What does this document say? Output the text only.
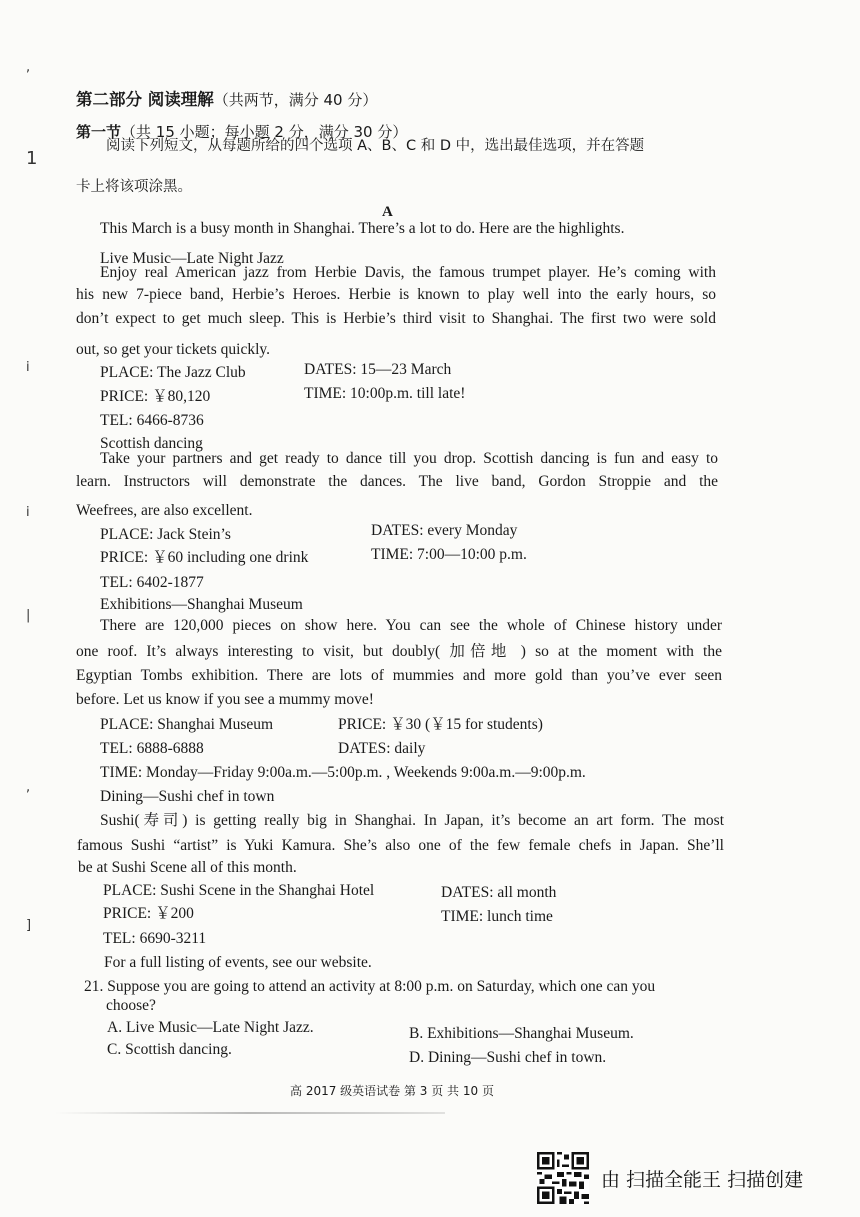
,
1
i
i
|
,
]
第二部分 阅读理解（共两节，满分 40 分）
第一节（共 15 小题；每小题 2 分，满分 30 分）
阅读下列短文，从每题所给的四个选项 A、B、C 和 D 中，选出最佳选项，并在答题
卡上将该项涂黑。
A
This March is a busy month in Shanghai. There’s a lot to do. Here are the highlights.
Live Music—Late Night Jazz
Enjoy real American jazz from Herbie Davis, the famous trumpet player. He’s coming with
his new 7-piece band, Herbie’s Heroes. Herbie is known to play well into the early hours, so
don’t expect to get much sleep. This is Herbie’s third visit to Shanghai. The first two were sold
out, so get your tickets quickly.
PLACE: The Jazz Club	DATES: 15—23 March
PRICE: ￥80,120	TIME: 10:00p.m. till late!
TEL: 6466-8736
Scottish dancing
Take your partners and get ready to dance till you drop. Scottish dancing is fun and easy to
learn. Instructors will demonstrate the dances. The live band, Gordon Stroppie and the
Weefrees, are also excellent.
PLACE: Jack Stein’s	DATES: every Monday
PRICE: ￥60 including one drink	TIME: 7:00—10:00 p.m.
TEL: 6402-1877
Exhibitions—Shanghai Museum
There are 120,000 pieces on show here. You can see the whole of Chinese history under
one roof. It’s always interesting to visit, but doubly( 加倍地 ) so at the moment with the
Egyptian Tombs exhibition. There are lots of mummies and more gold than you’ve ever seen
before. Let us know if you see a mummy move!
PLACE: Shanghai Museum	PRICE: ￥30 (￥15 for students)
TEL: 6888-6888	DATES: daily
TIME: Monday—Friday 9:00a.m.—5:00p.m. , Weekends 9:00a.m.—9:00p.m.
Dining—Sushi chef in town
Sushi(寿司) is getting really big in Shanghai. In Japan, it’s become an art form. The most
famous Sushi “artist” is Yuki Kamura. She’s also one of the few female chefs in Japan. She’ll
be at Sushi Scene all of this month.
PLACE: Sushi Scene in the Shanghai Hotel	DATES: all month
PRICE: ￥200	TIME: lunch time
TEL: 6690-3211
For a full listing of events, see our website.
21. Suppose you are going to attend an activity at 8:00 p.m. on Saturday, which one can you
choose?
A. Live Music—Late Night Jazz.	B. Exhibitions—Shanghai Museum.
C. Scottish dancing.	D. Dining—Sushi chef in town.
高 2017 级英语试卷 第 3 页 共 10 页
由 扫描全能王 扫描创建
